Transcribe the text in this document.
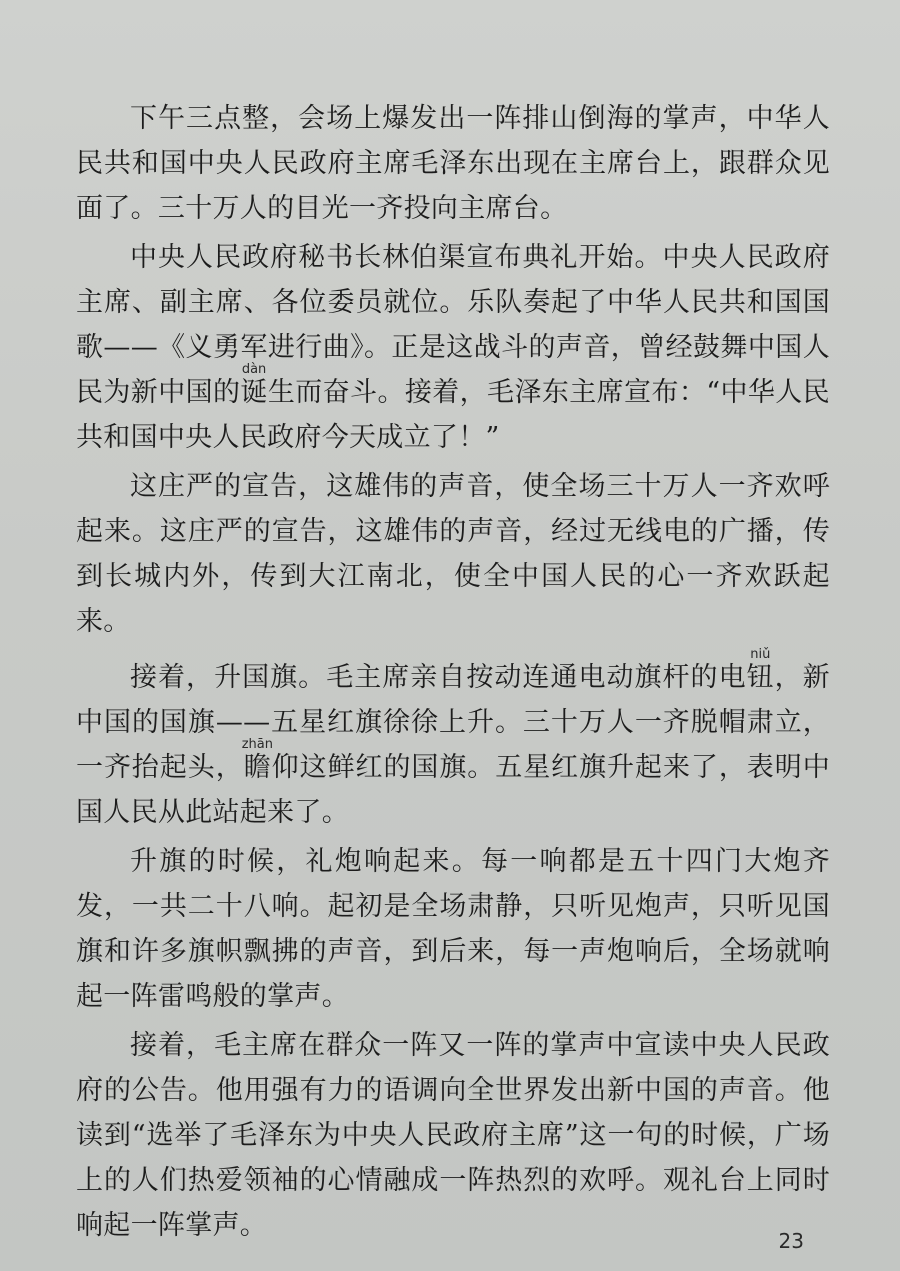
下午三点整，会场上爆发出一阵排山倒海的掌声，中华人民共和国中央人民政府主席毛泽东出现在主席台上，跟群众见面了。三十万人的目光一齐投向主席台。

中央人民政府秘书长林伯渠宣布典礼开始。中央人民政府主席、副主席、各位委员就位。乐队奏起了中华人民共和国国歌——《义勇军进行曲》。正是这战斗的声音，曾经鼓舞中国人民为新中国的诞dàn生而奋斗。接着，毛泽东主席宣布：“中华人民共和国中央人民政府今天成立了！”

这庄严的宣告，这雄伟的声音，使全场三十万人一齐欢呼起来。这庄严的宣告，这雄伟的声音，经过无线电的广播，传到长城内外，传到大江南北，使全中国人民的心一齐欢跃起来。

接着，升国旗。毛主席亲自按动连通电动旗杆的电钮niǔ，新中国的国旗——五星红旗徐徐上升。三十万人一齐脱帽肃立，一齐抬起头，瞻zhān仰这鲜红的国旗。五星红旗升起来了，表明中国人民从此站起来了。

升旗的时候，礼炮响起来。每一响都是五十四门大炮齐发，一共二十八响。起初是全场肃静，只听见炮声，只听见国旗和许多旗帜飘拂的声音，到后来，每一声炮响后，全场就响起一阵雷鸣般的掌声。

接着，毛主席在群众一阵又一阵的掌声中宣读中央人民政府的公告。他用强有力的语调向全世界发出新中国的声音。他读到“选举了毛泽东为中央人民政府主席”这一句的时候，广场上的人们热爱领袖的心情融成一阵热烈的欢呼。观礼台上同时响起一阵掌声。	23
